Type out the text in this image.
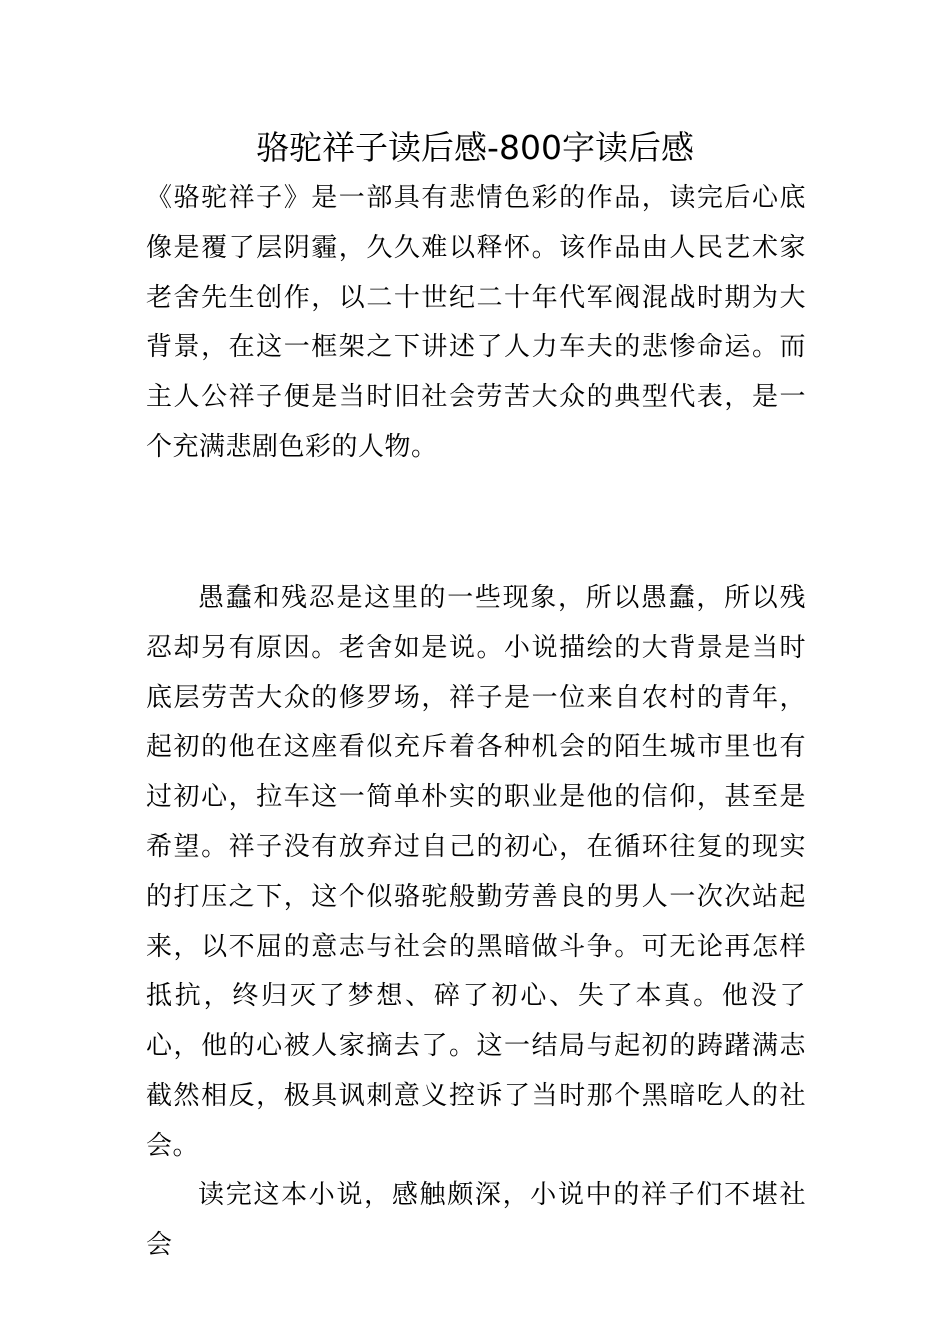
骆驼祥子读后感-800字读后感

《骆驼祥子》是一部具有悲情色彩的作品，读完后心底像是覆了层阴霾，久久难以释怀。该作品由人民艺术家老舍先生创作，以二十世纪二十年代军阀混战时期为大背景，在这一框架之下讲述了人力车夫的悲惨命运。而主人公祥子便是当时旧社会劳苦大众的典型代表，是一个充满悲剧色彩的人物。

愚蠢和残忍是这里的一些现象，所以愚蠢，所以残忍却另有原因。老舍如是说。小说描绘的大背景是当时底层劳苦大众的修罗场，祥子是一位来自农村的青年，起初的他在这座看似充斥着各种机会的陌生城市里也有过初心，拉车这一简单朴实的职业是他的信仰，甚至是希望。祥子没有放弃过自己的初心，在循环往复的现实的打压之下，这个似骆驼般勤劳善良的男人一次次站起来，以不屈的意志与社会的黑暗做斗争。可无论再怎样抵抗，终归灭了梦想、碎了初心、失了本真。他没了心，他的心被人家摘去了。这一结局与起初的踌躇满志截然相反，极具讽刺意义控诉了当时那个黑暗吃人的社会。

读完这本小说，感触颇深，小说中的祥子们不堪社会
